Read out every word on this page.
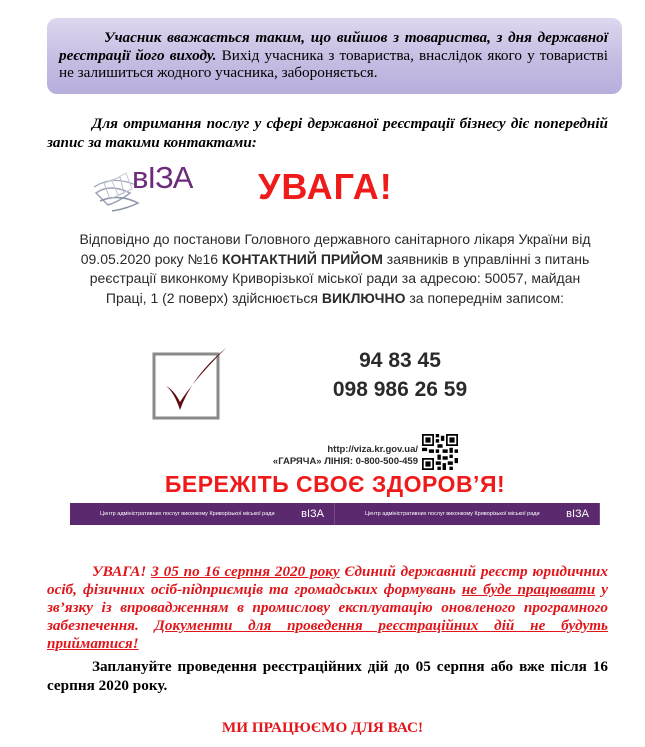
Учасник вважається таким, що вийшов з товариства, з дня державної реєстрації його виходу. Вихід учасника з товариства, внаслідок якого у товаристві не залишиться жодного учасника, забороняється.

Для отримання послуг у сфері державної реєстрації бізнесу діє попередній запис за такими контактами:

вІЗА УВАГА!
Відповідно до постанови Головного державного санітарного лікаря України від 09.05.2020 року №16 КОНТАКТНИЙ ПРИЙОМ заявників в управлінні з питань реєстрації виконкому Криворізької міської ради за адресою: 50057, майдан Праці, 1 (2 поверх) здійснюється ВИКЛЮЧНО за попереднім записом:
94 83 45
098 986 26 59
http://viza.kr.gov.ua/
«ГАРЯЧА» ЛІНІЯ: 0-800-500-459
БЕРЕЖІТЬ СВОЄ ЗДОРОВ’Я!
Центр адміністративних послуг виконкому Криворізької міської ради вІЗА	Центр адміністративних послуг виконкому Криворізької міської ради вІЗА

УВАГА! З 05 по 16 серпня 2020 року Єдиний державний реєстр юридичних осіб, фізичних осіб-підприємців та громадських формувань не буде працювати у зв’язку із впровадженням в промислову експлуатацію оновленого програмного забезпечення. Документи для проведення реєстраційних дій не будуть прийматися!

Заплануйте проведення реєстраційних дій до 05 серпня або вже після 16 серпня 2020 року.

МИ ПРАЦЮЄМО ДЛЯ ВАС!
